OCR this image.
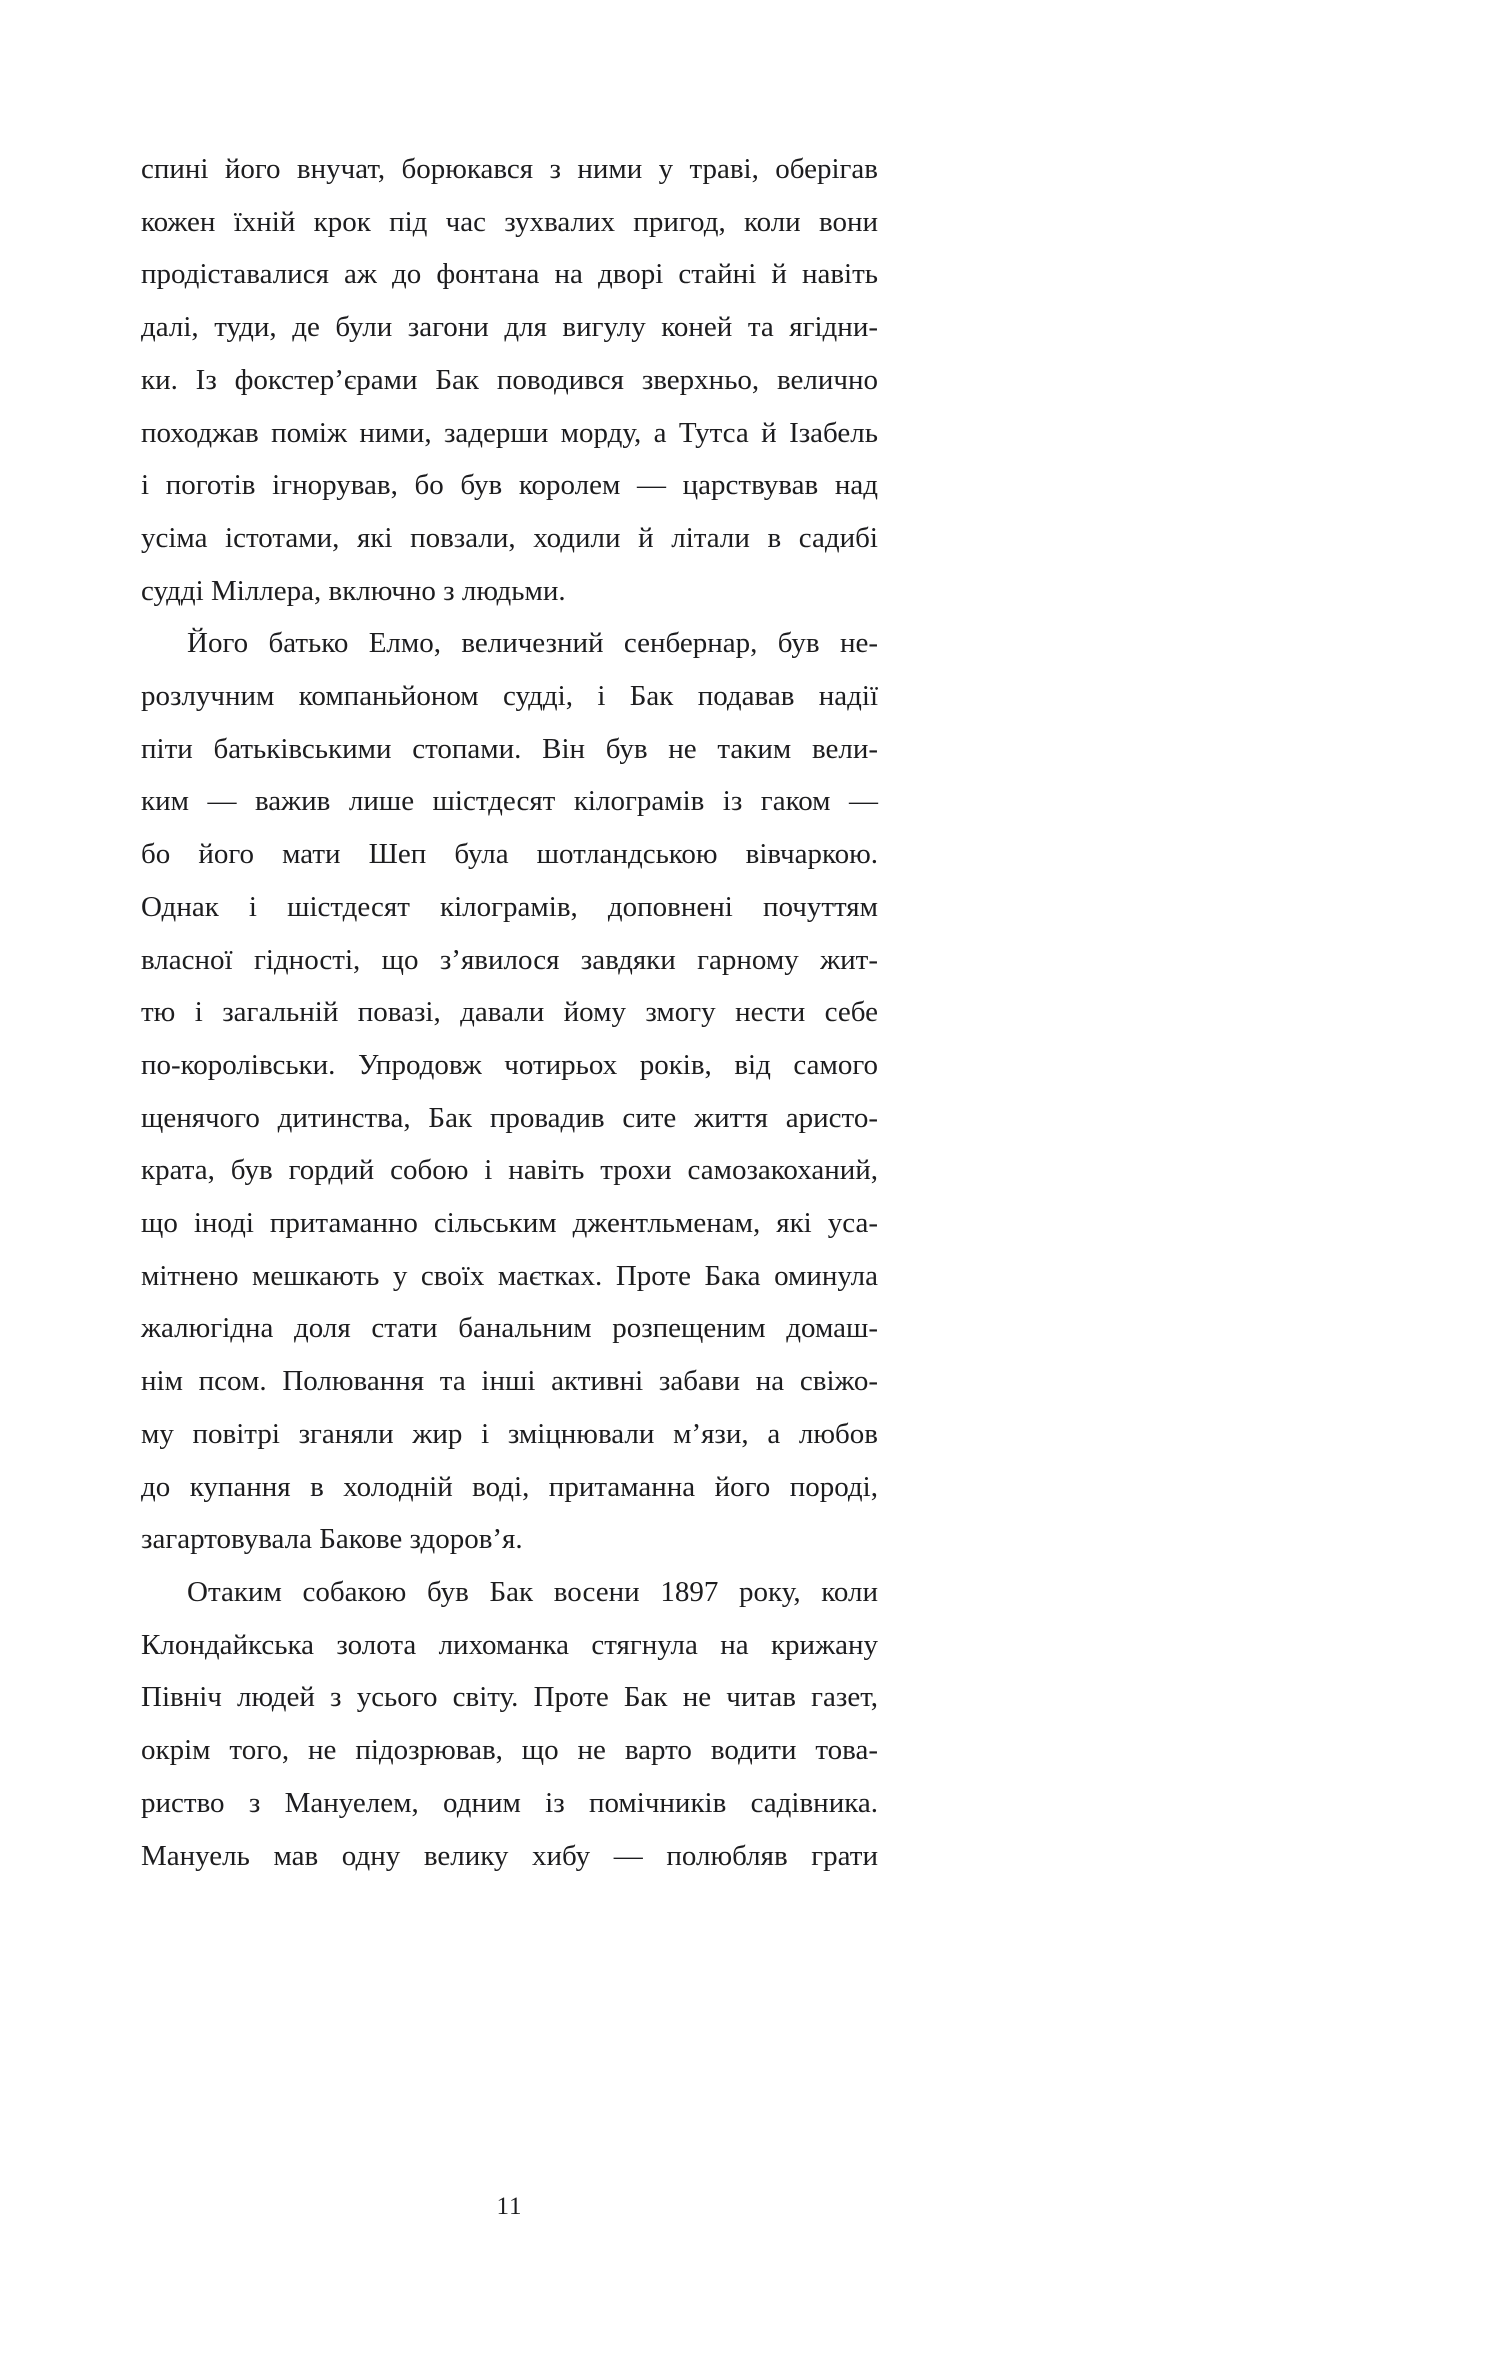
спині його внучат, борюкався з ними у траві, оберігав
кожен їхній крок під час зухвалих пригод, коли вони
продіставалися аж до фонтана на дворі стайні й навіть
далі, туди, де були загони для вигулу коней та ягідни-
ки. Із фокстер’єрами Бак поводився зверхньо, велично
походжав поміж ними, задерши морду, а Тутса й Ізабель
і поготів ігнорував, бо був королем — царствував над
усіма істотами, які повзали, ходили й літали в садибі
судді Міллера, включно з людьми.
Його батько Елмо, величезний сенбернар, був не-
розлучним компаньйоном судді, і Бак подавав надії
піти батьківськими стопами. Він був не таким вели-
ким — важив лише шістдесят кілограмів із гаком —
бо його мати Шеп була шотландською вівчаркою.
Однак і шістдесят кілограмів, доповнені почуттям
власної гідності, що з’явилося завдяки гарному жит-
тю і загальній повазі, давали йому змогу нести себе
по-королівськи. Упродовж чотирьох років, від самого
щенячого дитинства, Бак провадив сите життя аристо-
крата, був гордий собою і навіть трохи самозакоханий,
що іноді притаманно сільським джентльменам, які уса-
мітнено мешкають у своїх маєтках. Проте Бака оминула
жалюгідна доля стати банальним розпещеним домаш-
нім псом. Полювання та інші активні забави на свіжо-
му повітрі зганяли жир і зміцнювали м’язи, а любов
до купання в холодній воді, притаманна його породі,
загартовувала Бакове здоров’я.
Отаким собакою був Бак восени 1897 року, коли
Клондайкська золота лихоманка стягнула на крижану
Північ людей з усього світу. Проте Бак не читав газет,
окрім того, не підозрював, що не варто водити това-
риство з Мануелем, одним із помічників садівника.
Мануель мав одну велику хибу — полюбляв грати
11
